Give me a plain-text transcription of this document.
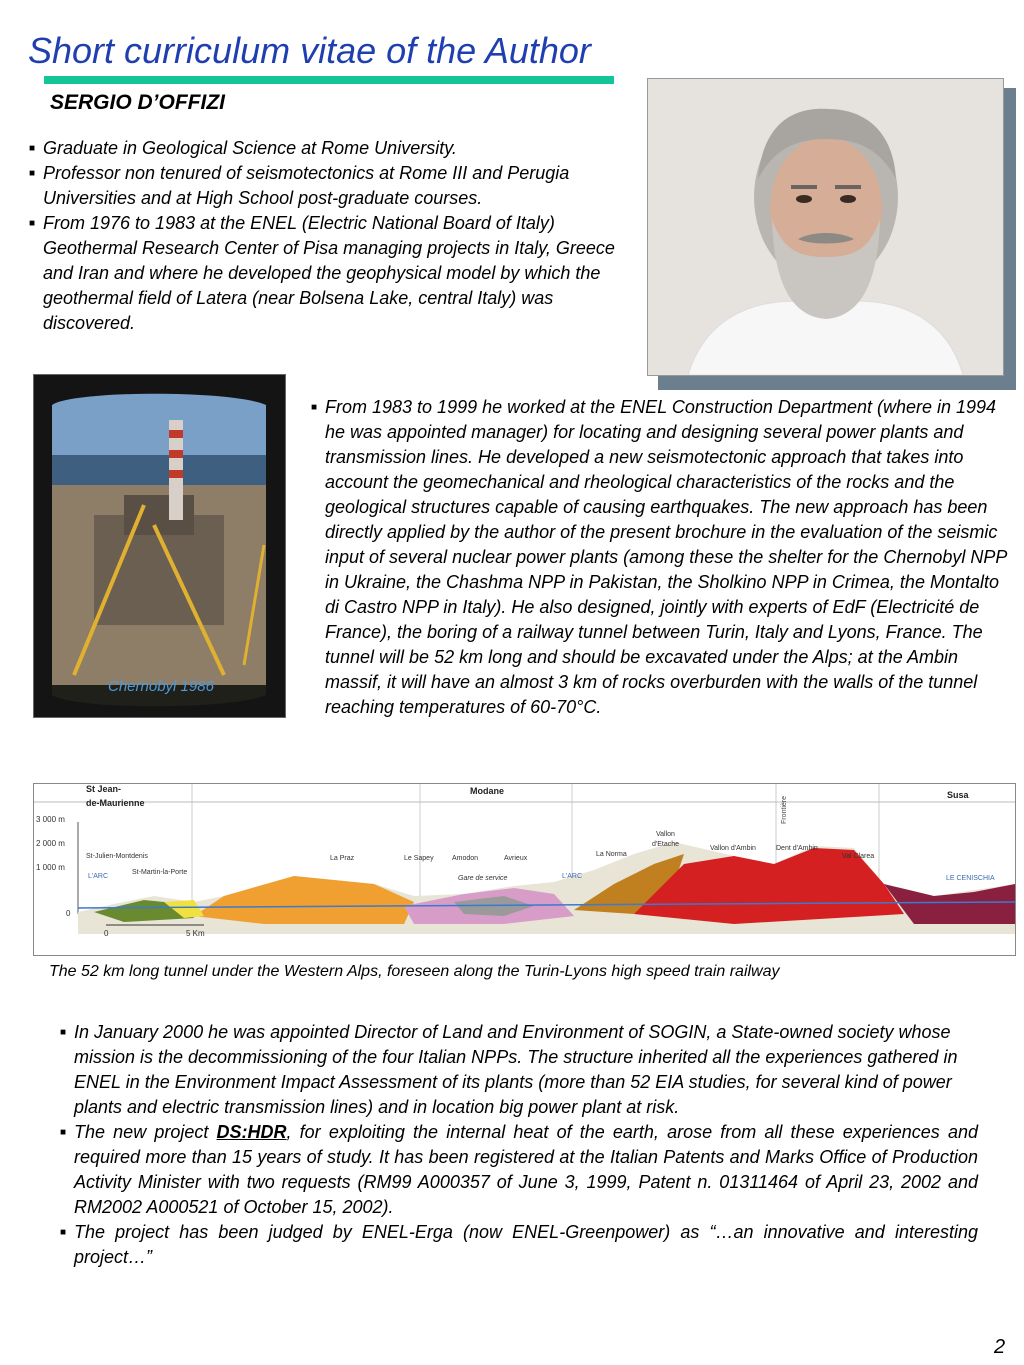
Short curriculum vitae of the Author
SERGIO D’OFFIZI
■ Graduate in Geological Science at Rome University.
■ Professor non tenured of seismotectonics at Rome III and Perugia Universities and at High School post-graduate courses.
■ From 1976 to 1983 at the ENEL (Electric National Board of Italy) Geothermal Research Center of Pisa managing projects in Italy, Greece and Iran and where he developed the geophysical model by which the geothermal field of Latera (near Bolsena Lake, central Italy) was discovered.
Chernobyl 1986
■ From 1983 to 1999 he worked at the ENEL Construction Department (where in 1994 he was appointed manager) for locating and designing several power plants and transmission lines. He developed a new seismotectonic approach that takes into account the geomechanical and rheological characteristics of the rocks and the geological structures capable of causing earthquakes. The new approach has been directly applied by the author of the present brochure in the evaluation of the seismic input of several nuclear power plants (among these the shelter for the Chernobyl NPP in Ukraine, the Chashma NPP in Pakistan, the Sholkino NPP in Crimea, the Montalto di Castro NPP in Italy). He also designed, jointly with experts of EdF (Electricité de France), the boring of a railway tunnel between Turin, Italy and Lyons, France. The tunnel will be 52 km long and should be excavated under the Alps; at the Ambin massif, it will have an almost 3 km of rocks overburden with the walls of the tunnel reaching temperatures of 60-70°C.
St Jean-
de-Maurienne
Modane	Susa
Frontière
3 000 m
2 000 m
1 000 m
0
0	5 Km
St-Julien-Montdenis
L'ARC
St-Martin-la-Porte
La Praz	Le Sapey	Amodon	Avrieux
Gare de service	L'ARC
La Norma
Vallon
d'Etache
Vallon d'Ambin	Dent d'Ambin
Val Clarea
LE CENISCHIA
The 52 km long tunnel under the Western Alps, foreseen along the Turin-Lyons high speed train railway
■ In January 2000 he was appointed Director of Land and Environment of SOGIN, a State-owned society whose mission is the decommissioning of the four Italian NPPs. The structure inherited all the experiences gathered in ENEL in the Environment Impact Assessment of its plants (more than 52 EIA studies, for several kind of power plants and electric transmission lines) and in location big power plant at risk.
■ The new project DS:HDR, for exploiting the internal heat of the earth, arose from all these experiences and required more than 15 years of study. It has been registered at the Italian Patents and Marks Office of Production Activity Minister with two requests (RM99 A000357 of June 3, 1999, Patent n. 01311464 of April 23, 2002 and RM2002 A000521 of October 15, 2002).
■ The project has been judged by ENEL-Erga (now ENEL-Greenpower) as “…an innovative and interesting project…”
2
